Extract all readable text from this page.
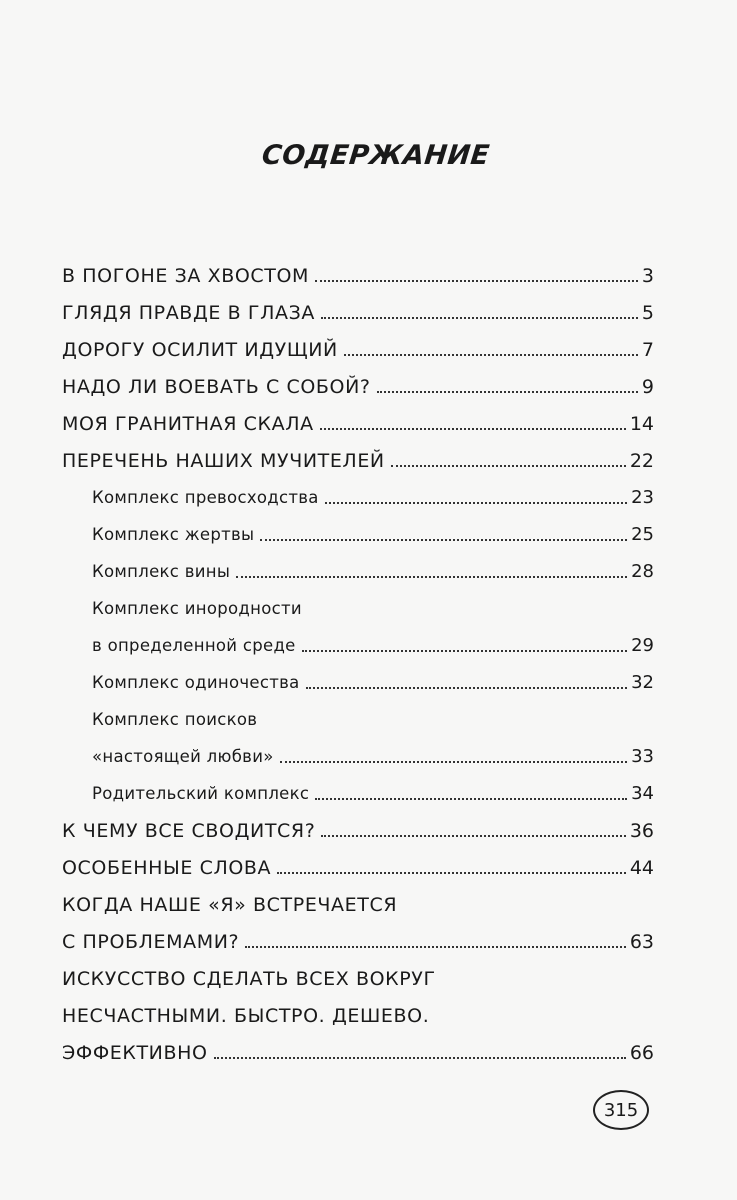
СОДЕРЖАНИЕ
В ПОГОНЕ ЗА ХВОСТОМ	3
ГЛЯДЯ ПРАВДЕ В ГЛАЗА	5
ДОРОГУ ОСИЛИТ ИДУЩИЙ	7
НАДО ЛИ ВОЕВАТЬ С СОБОЙ?	9
МОЯ ГРАНИТНАЯ СКАЛА	14
ПЕРЕЧЕНЬ НАШИХ МУЧИТЕЛЕЙ	22
Комплекс превосходства	23
Комплекс жертвы	25
Комплекс вины	28
Комплекс инородности
в определенной среде	29
Комплекс одиночества	32
Комплекс поисков
«настоящей любви»	33
Родительский комплекс	34
К ЧЕМУ ВСЕ СВОДИТСЯ?	36
ОСОБЕННЫЕ СЛОВА	44
КОГДА НАШЕ «Я» ВСТРЕЧАЕТСЯ
С ПРОБЛЕМАМИ?	63
ИСКУССТВО СДЕЛАТЬ ВСЕХ ВОКРУГ
НЕСЧАСТНЫМИ. БЫСТРО. ДЕШЕВО.
ЭФФЕКТИВНО	66
315
